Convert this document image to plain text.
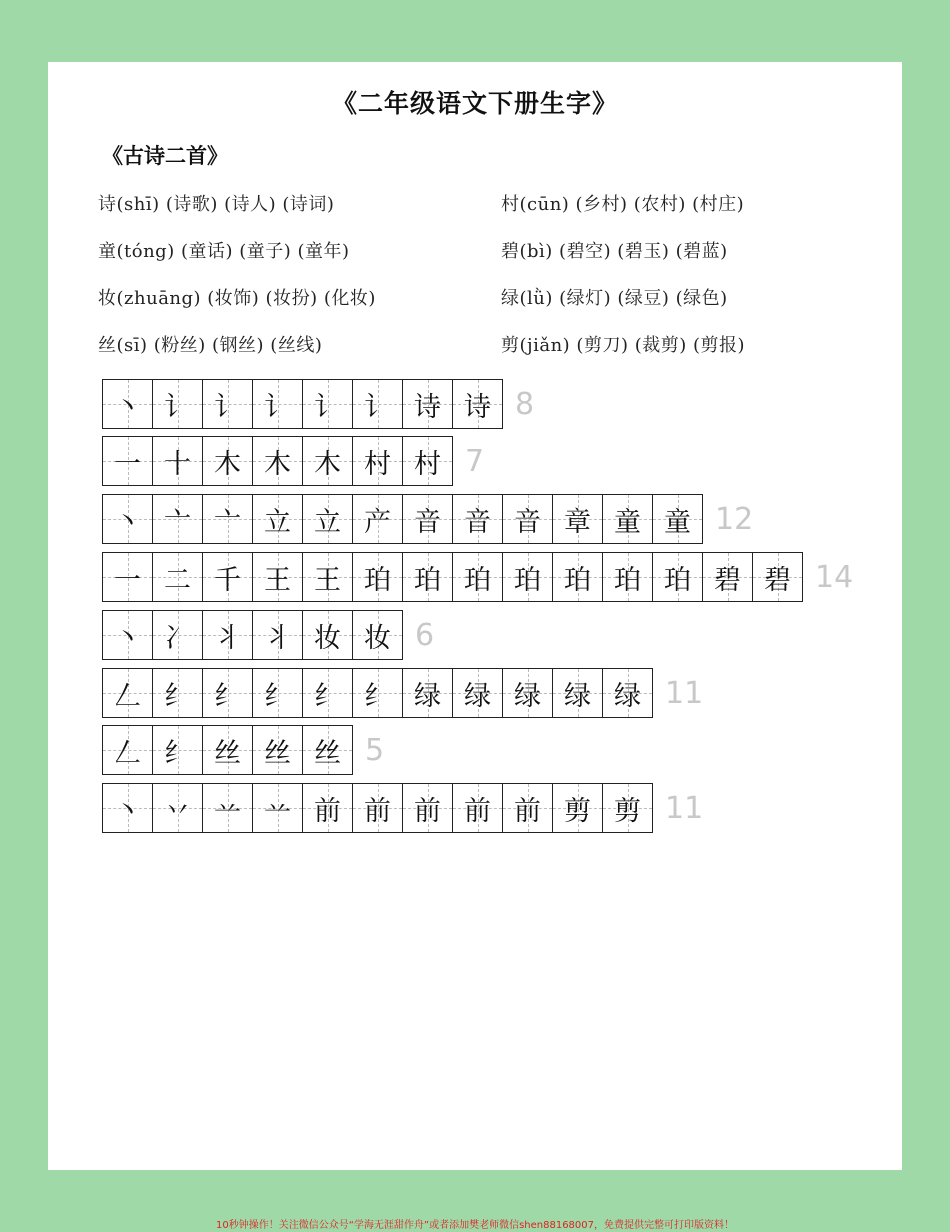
《二年级语文下册生字》
《古诗二首》
诗(shī) (诗歌) (诗人) (诗词)
童(tóng) (童话) (童子) (童年)
妆(zhuāng) (妆饰) (妆扮) (化妆)
丝(sī) (粉丝) (钢丝) (丝线)
村(cūn) (乡村) (农村) (村庄)
碧(bì) (碧空) (碧玉) (碧蓝)
绿(lǜ) (绿灯) (绿豆) (绿色)
剪(jiǎn) (剪刀) (裁剪) (剪报)
丶 讠 讠 讠 讠 讠 诗 诗 8
一 十 木 木 木 村 村 7
丶 亠 亠 立 立 产 音 音 音 章 童 童 12
一 二 千 王 王 珀 珀 珀 珀 珀 珀 珀 碧 碧 14
丶 冫 丬 丬 妆 妆 6
𠃋 纟 纟 纟 纟 纟 绿 绿 绿 绿 绿 11
𠃋 纟 丝 丝 丝 5
丶 丷 䒑 䒑 前 前 前 前 前 剪 剪 11
10秒钟操作！关注微信公众号“学海无涯甜作舟”或者添加樊老师微信shen88168007，免费提供完整可打印版资料！
